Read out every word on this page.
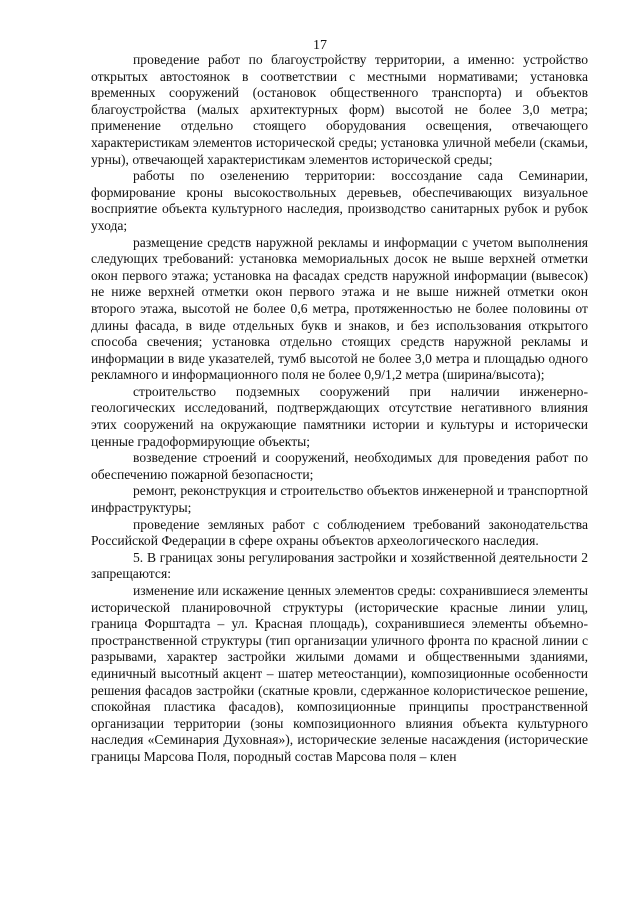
17

проведение работ по благоустройству территории, а именно: устройство открытых автостоянок в соответствии с местными нормативами; установка временных сооружений (остановок общественного транспорта) и объектов благоустройства (малых архитектурных форм) высотой не более 3,0 метра; применение отдельно стоящего оборудования освещения, отвечающего характеристикам элементов исторической среды; установка уличной мебели (скамьи, урны), отвечающей характеристикам элементов исторической среды;

работы по озеленению территории: воссоздание сада Семинарии, формирование кроны высокоствольных деревьев, обеспечивающих визуальное восприятие объекта культурного наследия, производство санитарных рубок и рубок ухода;

размещение средств наружной рекламы и информации с учетом выполнения следующих требований: установка мемориальных досок не выше верхней отметки окон первого этажа; установка на фасадах средств наружной информации (вывесок) не ниже верхней отметки окон первого этажа и не выше нижней отметки окон второго этажа, высотой не более 0,6 метра, протяженностью не более половины от длины фасада, в виде отдельных букв и знаков, и без использования открытого способа свечения; установка отдельно стоящих средств наружной рекламы и информации в виде указателей, тумб высотой не более 3,0 метра и площадью одного рекламного и информационного поля не более 0,9/1,2 метра (ширина/высота);

строительство подземных сооружений при наличии инженерно-геологических исследований, подтверждающих отсутствие негативного влияния этих сооружений на окружающие памятники истории и культуры и исторически ценные градоформирующие объекты;

возведение строений и сооружений, необходимых для проведения работ по обеспечению пожарной безопасности;

ремонт, реконструкция и строительство объектов инженерной и транспортной инфраструктуры;

проведение земляных работ с соблюдением требований законодательства Российской Федерации в сфере охраны объектов археологического наследия.

5. В границах зоны регулирования застройки и хозяйственной деятельности 2 запрещаются:

изменение или искажение ценных элементов среды: сохранившиеся элементы исторической планировочной структуры (исторические красные линии улиц, граница Форштадта – ул. Красная площадь), сохранившиеся элементы объемно-пространственной структуры (тип организации уличного фронта по красной линии с разрывами, характер застройки жилыми домами и общественными зданиями, единичный высотный акцент – шатер метеостанции), композиционные особенности решения фасадов застройки (скатные кровли, сдержанное колористическое решение, спокойная пластика фасадов), композиционные принципы пространственной организации территории (зоны композиционного влияния объекта культурного наследия «Семинария Духовная»), исторические зеленые насаждения (исторические границы Марсова Поля, породный состав Марсова поля – клен
